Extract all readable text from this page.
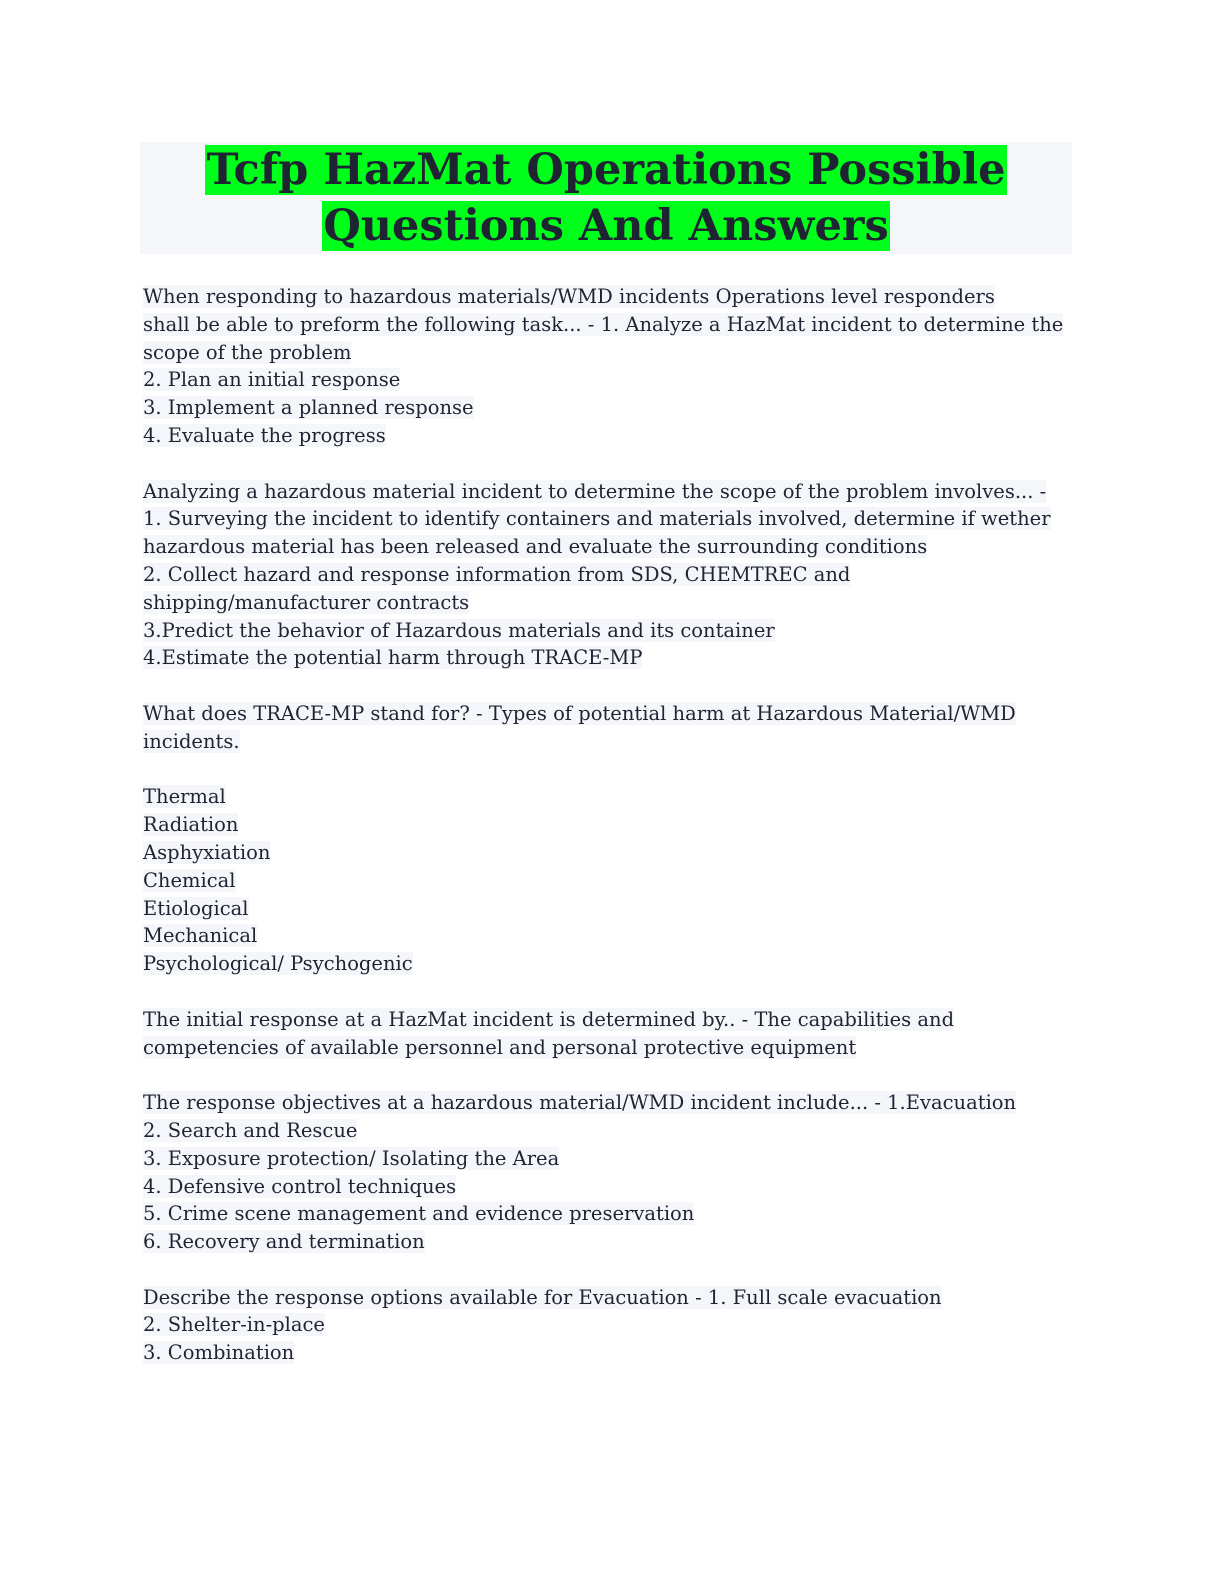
Tcfp HazMat Operations Possible
Questions And Answers
When responding to hazardous materials/WMD incidents Operations level responders
shall be able to preform the following task... - 1. Analyze a HazMat incident to determine the
scope of the problem
2. Plan an initial response
3. Implement a planned response
4. Evaluate the progress
Analyzing a hazardous material incident to determine the scope of the problem involves... -
1. Surveying the incident to identify containers and materials involved, determine if wether
hazardous material has been released and evaluate the surrounding conditions
2. Collect hazard and response information from SDS, CHEMTREC and
shipping/manufacturer contracts
3.Predict the behavior of Hazardous materials and its container
4.Estimate the potential harm through TRACE-MP
What does TRACE-MP stand for? - Types of potential harm at Hazardous Material/WMD
incidents.
Thermal
Radiation
Asphyxiation
Chemical
Etiological
Mechanical
Psychological/ Psychogenic
The initial response at a HazMat incident is determined by.. - The capabilities and
competencies of available personnel and personal protective equipment
The response objectives at a hazardous material/WMD incident include... - 1.Evacuation
2. Search and Rescue
3. Exposure protection/ Isolating the Area
4. Defensive control techniques
5. Crime scene management and evidence preservation
6. Recovery and termination
Describe the response options available for Evacuation - 1. Full scale evacuation
2. Shelter-in-place
3. Combination
